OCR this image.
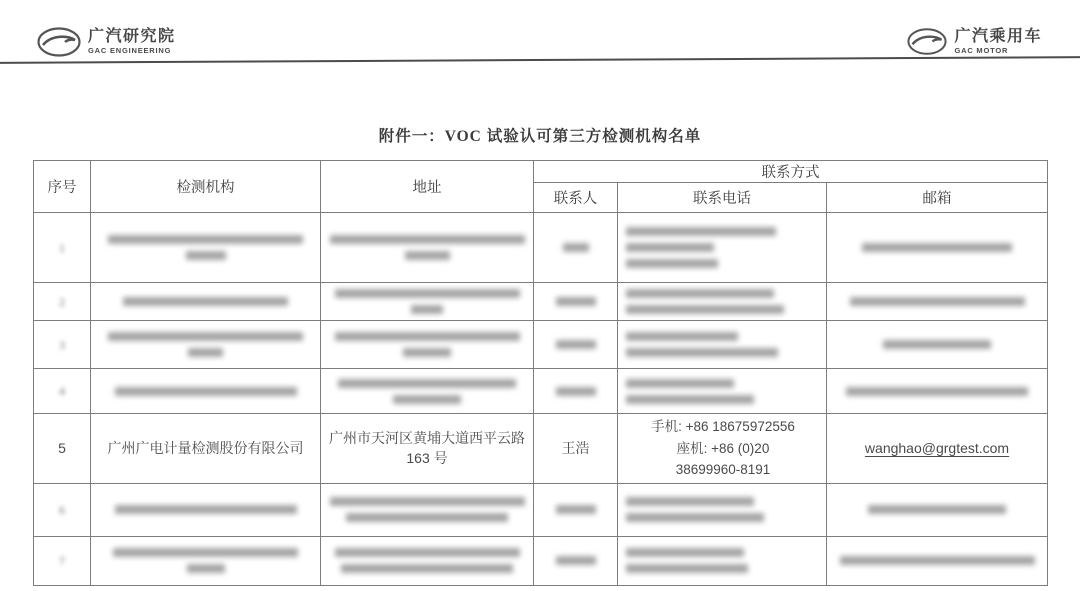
广汽研究院
GAC ENGINEERING
广汽乘用车
GAC MOTOR
附件一：VOC 试验认可第三方检测机构名单
序号	检测机构	地址	联系方式		
			联系人	联系电话	邮箱
1	

2	

3	

4	

5	广州广电计量检测股份有限公司	广州市天河区黄埔大道西平云路 163 号	王浩	手机: +86 18675972556
座机: +86 (0)20
38699960-8191	wanghao@grgtest.com
6	

7	
